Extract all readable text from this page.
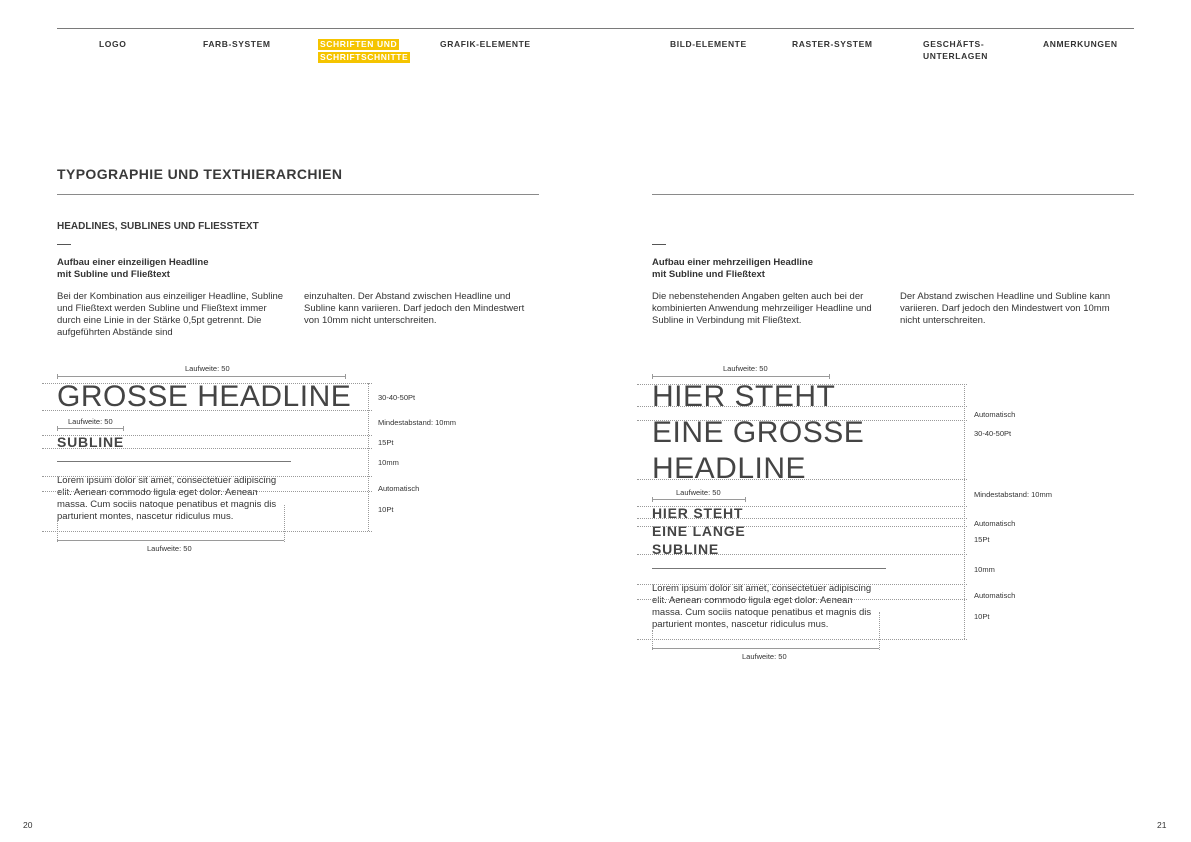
LOGO	FARB-SYSTEM	SCHRIFTEN UND
SCHRIFTSCHNITTE
GRAFIK-ELEMENTE	BILD-ELEMENTE	RASTER-SYSTEM	GESCHÄFTS-
UNTERLAGEN
ANMERKUNGEN
TYPOGRAPHIE UND TEXTHIERARCHIEN
HEADLINES, SUBLINES UND FLIESSTEXT
Aufbau einer einzeiligen Headline
mit Subline und Fließtext
Bei der Kombination aus einzeiliger Headline, Subline und Fließtext werden Subline und Fließtext immer durch eine Linie in der Stärke 0,5pt getrennt. Die aufgeführten Abstände sind
einzuhalten. Der Abstand zwischen Headline und Subline kann variieren. Darf jedoch den Mindestwert von 10mm nicht unterschreiten.
Laufweite: 50
GROSSE HEADLINE
Laufweite: 50
SUBLINE
Lorem ipsum dolor sit amet, consectetuer adipiscing elit. Aenean commodo ligula eget dolor. Aenean massa. Cum sociis natoque penatibus et magnis dis parturient montes, nascetur ridiculus mus.
Laufweite: 50
30-40-50Pt
Mindestabstand: 10mm
15Pt
10mm
Automatisch
10Pt
20
Aufbau einer mehrzeiligen Headline
mit Subline und Fließtext
Die nebenstehenden Angaben gelten auch bei der kombinierten Anwendung mehrzeiliger Headline und Subline in Verbindung mit Fließtext.
Der Abstand zwischen Headline und Subline kann variieren. Darf jedoch den Mindestwert von 10mm nicht unterschreiten.
Laufweite: 50
HIER STEHT
EINE GROSSE
HEADLINE
Laufweite: 50
HIER STEHT
EINE LANGE
SUBLINE
Lorem ipsum dolor sit amet, consectetuer adipiscing elit. Aenean commodo ligula eget dolor. Aenean massa. Cum sociis natoque penatibus et magnis dis parturient montes, nascetur ridiculus mus.
Laufweite: 50
Automatisch
30-40-50Pt
Mindestabstand: 10mm
Automatisch
15Pt
10mm
Automatisch
10Pt
21
